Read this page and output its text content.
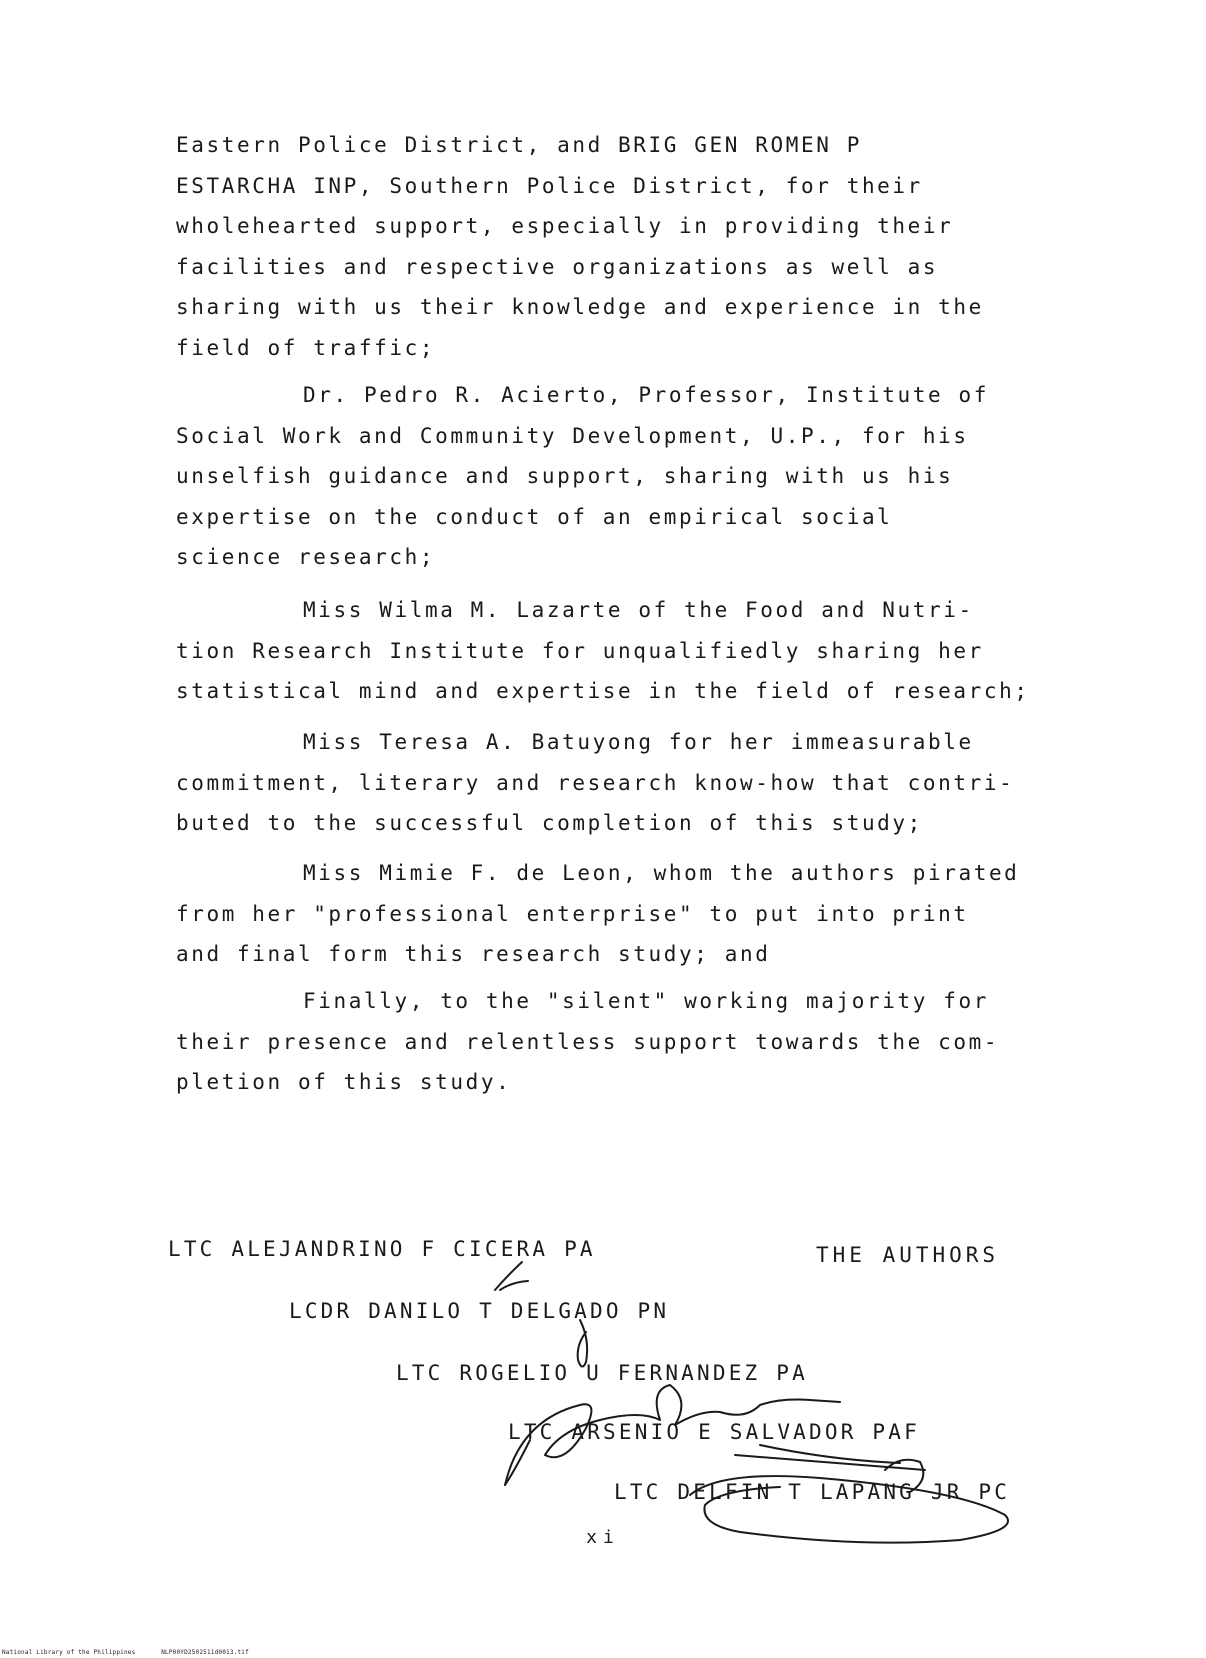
Eastern Police District, and BRIG GEN ROMEN P
ESTARCHA INP, Southern Police District, for their
wholehearted support, especially in providing their
facilities and respective organizations as well as
sharing with us their knowledge and experience in the
field of traffic;
Dr. Pedro R. Acierto, Professor, Institute of
Social Work and Community Development, U.P., for his
unselfish guidance and support, sharing with us his
expertise on the conduct of an empirical social
science research;
Miss Wilma M. Lazarte of the Food and Nutri-
tion Research Institute for unqualifiedly sharing her
statistical mind and expertise in the field of research;
Miss Teresa A. Batuyong for her immeasurable
commitment, literary and research know-how that contri-
buted to the successful completion of this study;
Miss Mimie F. de Leon, whom the authors pirated
from her "professional enterprise" to put into print
and final form this research study; and
Finally, to the "silent" working majority for
their presence and relentless support towards the com-
pletion of this study.
LTC ALEJANDRINO F CICERA PA	THE AUTHORS
LCDR DANILO T DELGADO PN
LTC ROGELIO U FERNANDEZ PA
LTC ARSENIO E SALVADOR PAF
LTC DELFIN T LAPANG JR PC
xi
National Library of the Philippines	NLP00YD2502511d0013.tif
